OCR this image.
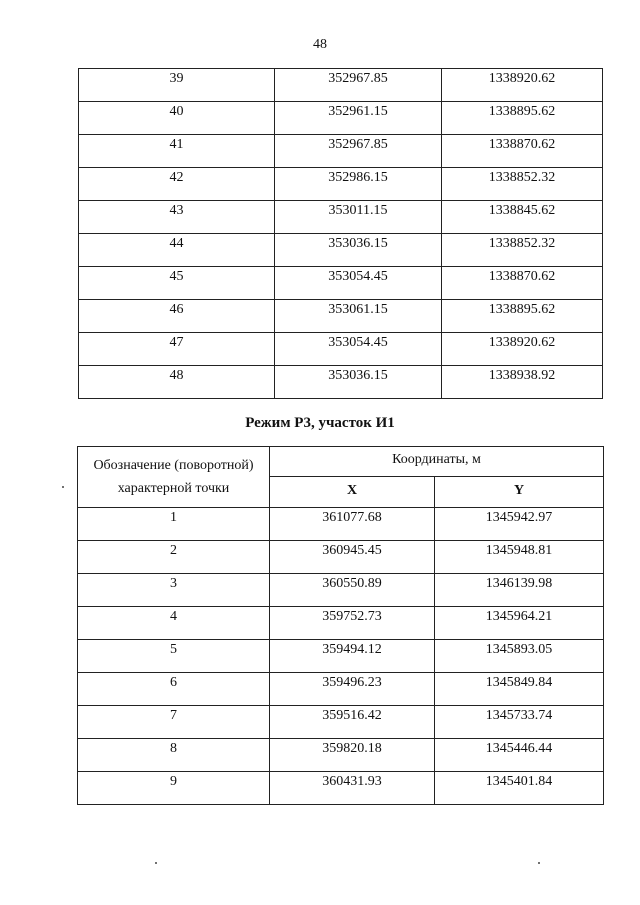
48
39	352967.85	1338920.62
40	352961.15	1338895.62
41	352967.85	1338870.62
42	352986.15	1338852.32
43	353011.15	1338845.62
44	353036.15	1338852.32
45	353054.45	1338870.62
46	353061.15	1338895.62
47	353054.45	1338920.62
48	353036.15	1338938.92
Режим Р3, участок И1
Обозначение (поворотной) характерной точки	Координаты, м	
	X	Y
1	361077.68	1345942.97
2	360945.45	1345948.81
3	360550.89	1346139.98
4	359752.73	1345964.21
5	359494.12	1345893.05
6	359496.23	1345849.84
7	359516.42	1345733.74
8	359820.18	1345446.44
9	360431.93	1345401.84
